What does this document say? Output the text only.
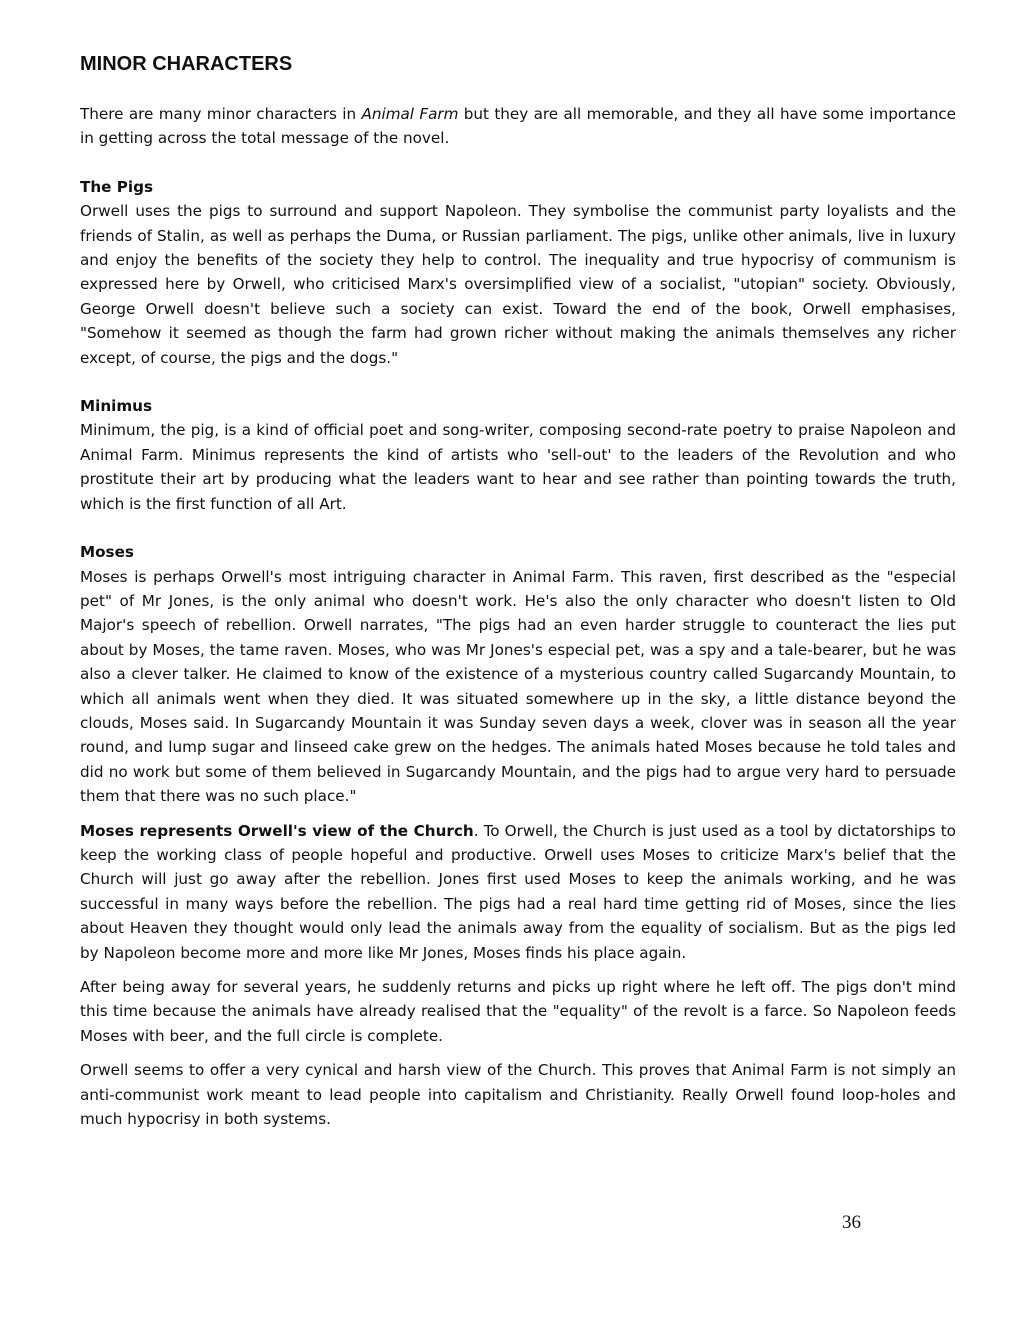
MINOR CHARACTERS

There are many minor characters in Animal Farm but they are all memorable, and they all have some importance in getting across the total message of the novel.

The Pigs

Orwell uses the pigs to surround and support Napoleon. They symbolise the communist party loyalists and the friends of Stalin, as well as perhaps the Duma, or Russian parliament. The pigs, unlike other animals, live in luxury and enjoy the benefits of the society they help to control. The inequality and true hypocrisy of communism is expressed here by Orwell, who criticised Marx's oversimplified view of a socialist, "utopian" society. Obviously, George Orwell doesn't believe such a society can exist. Toward the end of the book, Orwell emphasises, "Somehow it seemed as though the farm had grown richer without making the animals themselves any richer except, of course, the pigs and the dogs."

Minimus

Minimum, the pig, is a kind of official poet and song-writer, composing second-rate poetry to praise Napoleon and Animal Farm. Minimus represents the kind of artists who 'sell-out' to the leaders of the Revolution and who prostitute their art by producing what the leaders want to hear and see rather than pointing towards the truth, which is the first function of all Art.

Moses

Moses is perhaps Orwell's most intriguing character in Animal Farm. This raven, first described as the "especial pet" of Mr Jones, is the only animal who doesn't work. He's also the only character who doesn't listen to Old Major's speech of rebellion. Orwell narrates, "The pigs had an even harder struggle to counteract the lies put about by Moses, the tame raven. Moses, who was Mr Jones's especial pet, was a spy and a tale-bearer, but he was also a clever talker. He claimed to know of the existence of a mysterious country called Sugarcandy Mountain, to which all animals went when they died. It was situated somewhere up in the sky, a little distance beyond the clouds, Moses said. In Sugarcandy Mountain it was Sunday seven days a week, clover was in season all the year round, and lump sugar and linseed cake grew on the hedges. The animals hated Moses because he told tales and did no work but some of them believed in Sugarcandy Mountain, and the pigs had to argue very hard to persuade them that there was no such place."

Moses represents Orwell's view of the Church. To Orwell, the Church is just used as a tool by dictatorships to keep the working class of people hopeful and productive. Orwell uses Moses to criticize Marx's belief that the Church will just go away after the rebellion. Jones first used Moses to keep the animals working, and he was successful in many ways before the rebellion. The pigs had a real hard time getting rid of Moses, since the lies about Heaven they thought would only lead the animals away from the equality of socialism. But as the pigs led by Napoleon become more and more like Mr Jones, Moses finds his place again.

After being away for several years, he suddenly returns and picks up right where he left off. The pigs don't mind this time because the animals have already realised that the "equality" of the revolt is a farce. So Napoleon feeds Moses with beer, and the full circle is complete.

Orwell seems to offer a very cynical and harsh view of the Church. This proves that Animal Farm is not simply an anti-communist work meant to lead people into capitalism and Christianity. Really Orwell found loop-holes and much hypocrisy in both systems.

36
